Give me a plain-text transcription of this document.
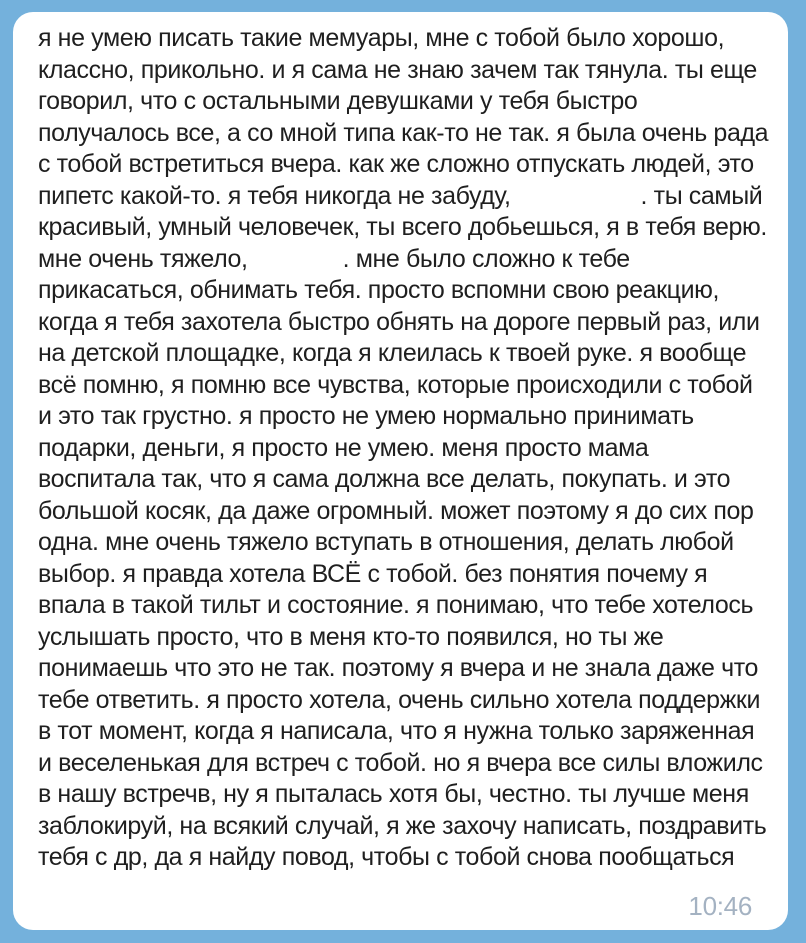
я не умею писать такие мемуары, мне с тобой было хорошо, классно, прикольно. и я сама не знаю зачем так тянула. ты еще говорил, что с остальными девушками у тебя быстро получалось все, а со мной типа как-то не так. я была очень рада с тобой встретиться вчера. как же сложно отпускать людей, это пипетс какой-то. я тебя никогда не забуду,	. ты самый красивый, умный человечек, ты всего добьешься, я в тебя верю. мне очень тяжело,	. мне было сложно к тебе прикасаться, обнимать тебя. просто вспомни свою реакцию, когда я тебя захотела быстро обнять на дороге первый раз, или на детской площадке, когда я клеилась к твоей руке. я вообще всё помню, я помню все чувства, которые происходили с тобой и это так грустно. я просто не умею нормально принимать подарки, деньги, я просто не умею. меня просто мама воспитала так, что я сама должна все делать, покупать. и это большой косяк, да даже огромный. может поэтому я до сих пор одна. мне очень тяжело вступать в отношения, делать любой выбор. я правда хотела ВСЁ с тобой. без понятия почему я впала в такой тильт и состояние. я понимаю, что тебе хотелось услышать просто, что в меня кто-то появился, но ты же понимаешь что это не так. поэтому я вчера и не знала даже что тебе ответить. я просто хотела, очень сильно хотела поддержки в тот момент, когда я написала, что я нужна только заряженная и веселенькая для встреч с тобой. но я вчера все силы вложилс в нашу встречв, ну я пыталась хотя бы, честно. ты лучше меня заблокируй, на всякий случай, я же захочу написать, поздравить тебя с др, да я найду повод, чтобы с тобой снова пообщаться
10:46
